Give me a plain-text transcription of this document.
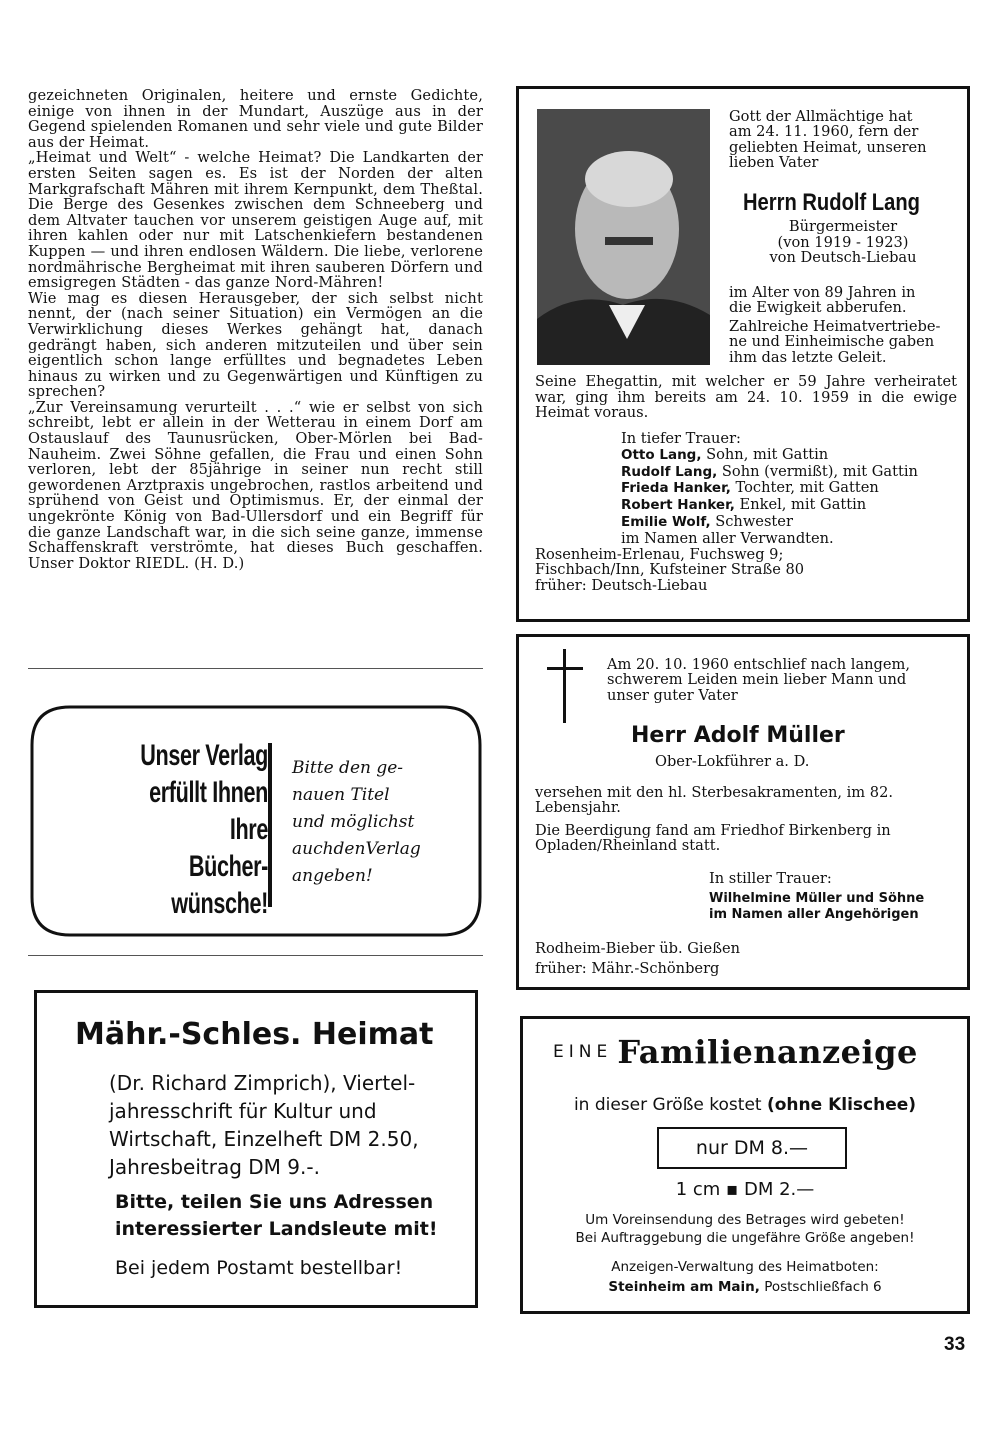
gezeichneten Originalen, heitere und ernste Gedichte, einige von ihnen in der Mundart, Auszüge aus in der Gegend spielenden Romanen und sehr viele und gute Bilder aus der Heimat.

„Heimat und Welt“ - welche Heimat? Die Landkarten der ersten Seiten sagen es. Es ist der Norden der alten Markgrafschaft Mähren mit ihrem Kernpunkt, dem Theßtal. Die Berge des Gesenkes zwischen dem Schneeberg und dem Altvater tauchen vor unserem geistigen Auge auf, mit ihren kahlen oder nur mit Latschenkiefern bestandenen Kuppen — und ihren endlosen Wäldern. Die liebe, verlorene nordmährische Bergheimat mit ihren sauberen Dörfern und emsigregen Städten - das ganze Nord-Mähren!

Wie mag es diesen Herausgeber, der sich selbst nicht nennt, der (nach seiner Situation) ein Vermögen an die Verwirklichung dieses Werkes gehängt hat, danach gedrängt haben, sich anderen mitzuteilen und über sein eigentlich schon lange erfülltes und begnadetes Leben hinaus zu wirken und zu Gegenwärtigen und Künftigen zu sprechen?

„Zur Vereinsamung verurteilt . . .“ wie er selbst von sich schreibt, lebt er allein in der Wetterau in einem Dorf am Ostauslauf des Taunusrücken, Ober-Mörlen bei Bad-Nauheim. Zwei Söhne gefallen, die Frau und einen Sohn verloren, lebt der 85jährige in seiner nun recht still gewordenen Arztpraxis ungebrochen, rastlos arbeitend und sprühend von Geist und Optimismus. Er, der einmal der ungekrönte König von Bad-Ullersdorf und ein Begriff für die ganze Landschaft war, in die sich seine ganze, immense Schaffenskraft verströmte, hat dieses Buch geschaffen. Unser Doktor RIEDL. (H. D.)

Unser Verlag
erfüllt Ihnen
Ihre
Bücher-
wünsche!
Bitte den ge-
nauen Titel
und möglichst
auchdenVerlag
angeben!
Mähr.-Schles. Heimat
(Dr. Richard Zimprich), Viertel-
jahresschrift für Kultur und
Wirtschaft, Einzelheft DM 2.50,
Jahresbeitrag DM 9.-.
Bitte, teilen Sie uns Adressen
interessierter Landsleute mit!
Bei jedem Postamt bestellbar!
Gott der Allmächtige hat
am 24. 11. 1960, fern der
geliebten Heimat, unseren
lieben Vater
Herrn Rudolf Lang
Bürgermeister
(von 1919 - 1923)
von Deutsch-Liebau
im Alter von 89 Jahren in
die Ewigkeit abberufen.
Zahlreiche Heimatvertriebe-
ne und Einheimische gaben
ihm das letzte Geleit.
Seine Ehegattin, mit welcher er 59 Jahre verheiratet war, ging ihm bereits am 24. 10. 1959 in die ewige Heimat voraus.
In tiefer Trauer:
Otto Lang, Sohn, mit Gattin
Rudolf Lang, Sohn (vermißt), mit Gattin
Frieda Hanker, Tochter, mit Gatten
Robert Hanker, Enkel, mit Gattin
Emilie Wolf, Schwester
im Namen aller Verwandten.
Rosenheim-Erlenau, Fuchsweg 9;
Fischbach/Inn, Kufsteiner Straße 80
früher: Deutsch-Liebau
Am 20. 10. 1960 entschlief nach langem,
schwerem Leiden mein lieber Mann und
unser guter Vater
Herr Adolf Müller
Ober-Lokführer a. D.
versehen mit den hl. Sterbesakramenten, im 82.
Lebensjahr.
Die Beerdigung fand am Friedhof Birkenberg in
Opladen/Rheinland statt.
In stiller Trauer:
Wilhelmine Müller und Söhne
im Namen aller Angehörigen
Rodheim-Bieber üb. Gießen
früher: Mähr.-Schönberg
EINE Familienanzeige
in dieser Größe kostet (ohne Klischee)
nur DM 8.—
1 cm ▪ DM 2.—
Um Voreinsendung des Betrages wird gebeten!
Bei Auftraggebung die ungefähre Größe angeben!
Anzeigen-Verwaltung des Heimatboten:
Steinheim am Main, Postschließfach 6
33
